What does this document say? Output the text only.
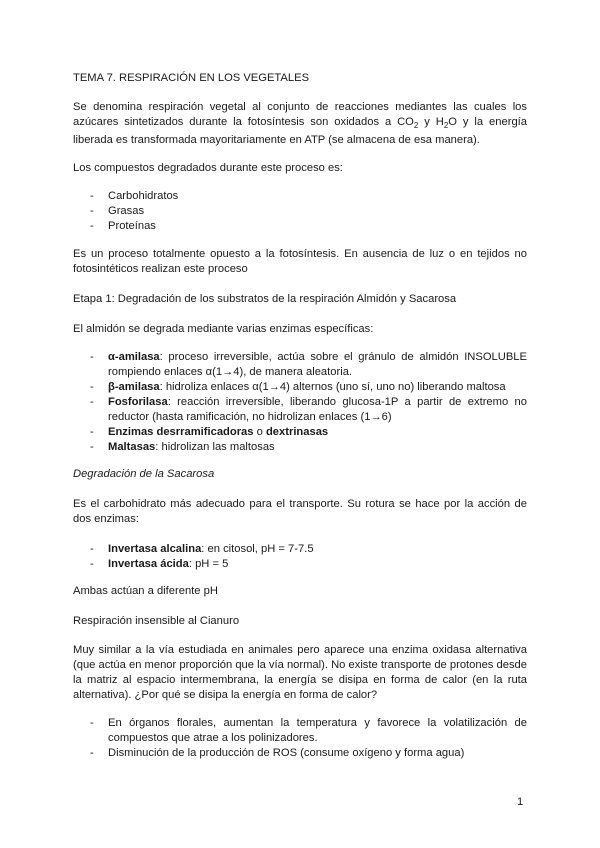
TEMA 7. RESPIRACIÓN EN LOS VEGETALES

Se denomina respiración vegetal al conjunto de reacciones mediantes las cuales los azúcares sintetizados durante la fotosíntesis son oxidados a $CO_2$ y $H_2O$ y la energía liberada es transformada mayoritariamente en ATP (se almacena de esa manera).

Los compuestos degradados durante este proceso es:

- Carbohidratos
- Grasas
- Proteínas

Es un proceso totalmente opuesto a la fotosíntesis. En ausencia de luz o en tejidos no fotosintéticos realizan este proceso

Etapa 1: Degradación de los substratos de la respiración Almidón y Sacarosa

El almidón se degrada mediante varias enzimas específicas:

- α-amilasa: proceso irreversible, actúa sobre el gránulo de almidón INSOLUBLE rompiendo enlaces α(1→4), de manera aleatoria.
- β-amilasa: hidroliza enlaces α(1→4) alternos (uno sí, uno no) liberando maltosa
- Fosforilasa: reacción irreversible, liberando glucosa-1P a partir de extremo no reductor (hasta ramificación, no hidrolizan enlaces (1→6)
- Enzimas desrramificadoras o dextrinasas
- Maltasas: hidrolizan las maltosas

Degradación de la Sacarosa

Es el carbohidrato más adecuado para el transporte. Su rotura se hace por la acción de dos enzimas:

- Invertasa alcalina: en citosol, pH = 7-7.5
- Invertasa ácida: pH = 5

Ambas actúan a diferente pH

Respiración insensible al Cianuro

Muy similar a la vía estudiada en animales pero aparece una enzima oxidasa alternativa (que actúa en menor proporción que la vía normal). No existe transporte de protones desde la matriz al espacio intermembrana, la energía se disipa en forma de calor (en la ruta alternativa). ¿Por qué se disipa la energía en forma de calor?

- En órganos florales, aumentan la temperatura y favorece la volatilización de compuestos que atrae a los polinizadores.
- Disminución de la producción de ROS (consume oxígeno y forma agua)
1
